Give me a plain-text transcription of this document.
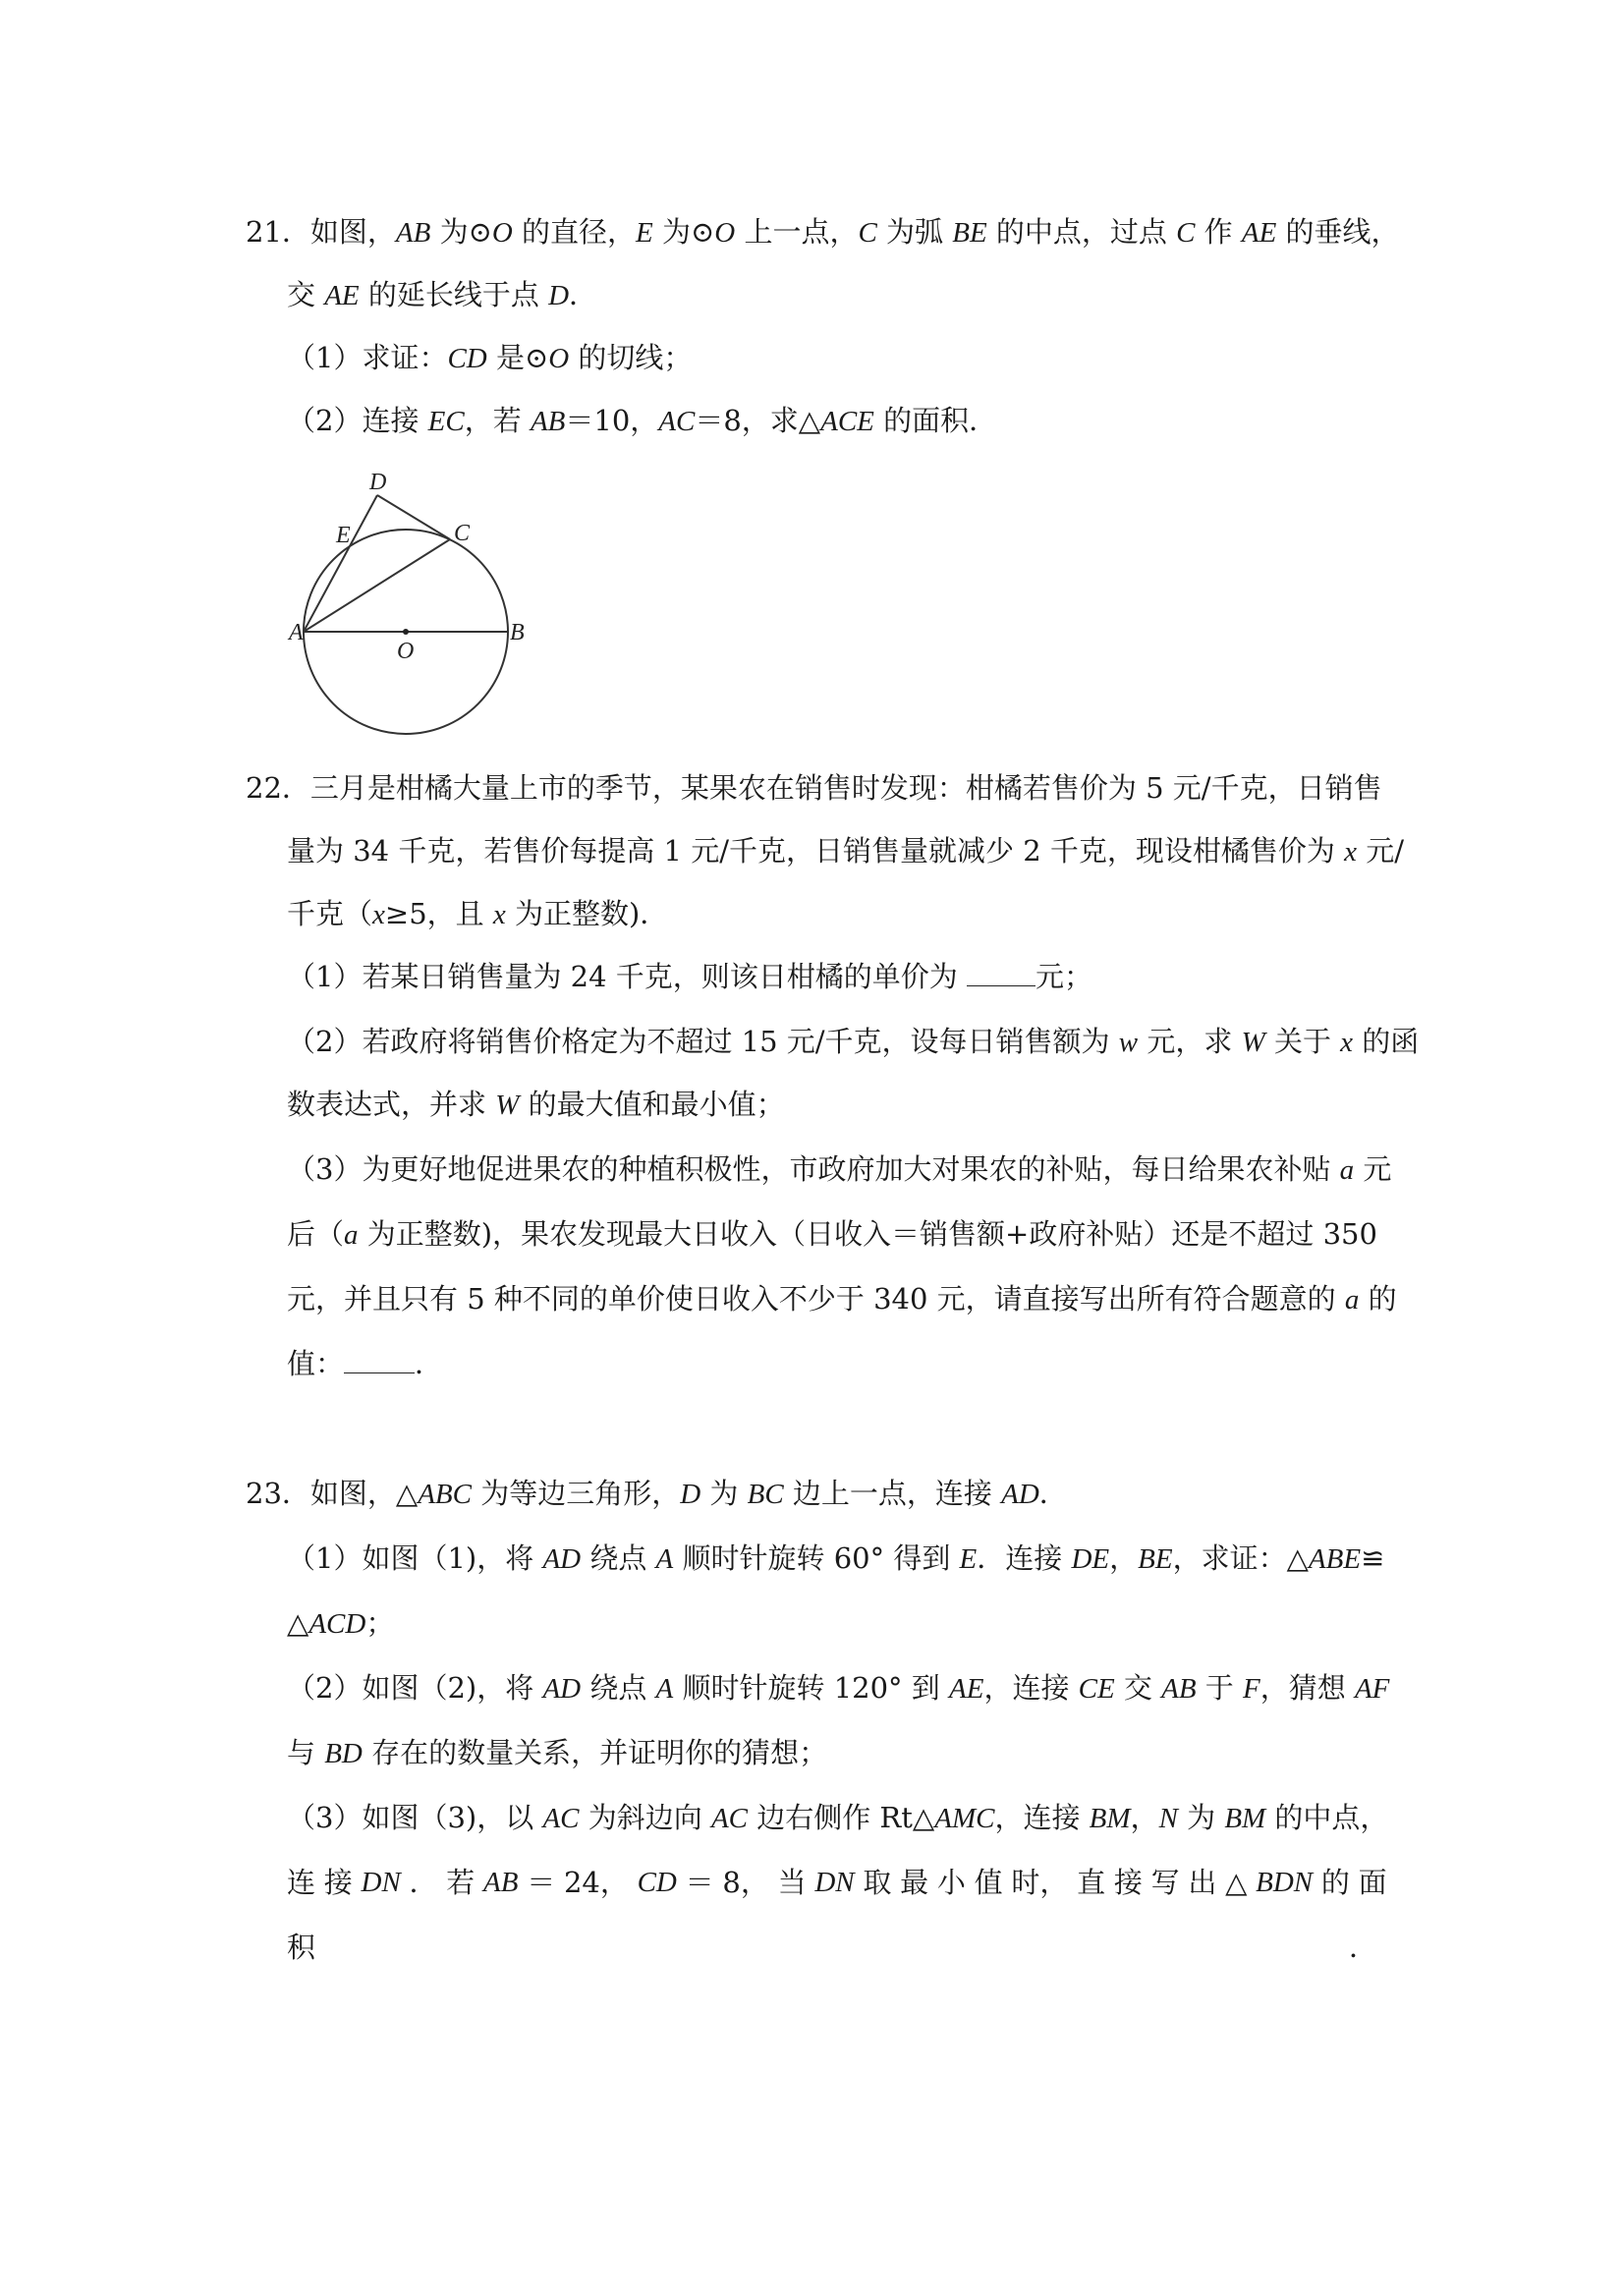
21．如图，AB 为⊙O 的直径，E 为⊙O 上一点，C 为弧 BE 的中点，过点 C 作 AE 的垂线，
交 AE 的延长线于点 D．
（1）求证：CD 是⊙O 的切线；
（2）连接 EC，若 AB＝10，AC＝8，求△ACE 的面积．
D
E	C
A
O
B
22．三月是柑橘大量上市的季节，某果农在销售时发现：柑橘若售价为 5 元/千克，日销售
量为 34 千克，若售价每提高 1 元/千克，日销售量就减少 2 千克，现设柑橘售价为 x 元/
千克（x≥5，且 x 为正整数)．
（1）若某日销售量为 24 千克，则该日柑橘的单价为 元；
（2）若政府将销售价格定为不超过 15 元/千克，设每日销售额为 w 元，求 W 关于 x 的函
数表达式，并求 W 的最大值和最小值；
（3）为更好地促进果农的种植积极性，市政府加大对果农的补贴，每日给果农补贴 a 元
后（a 为正整数)，果农发现最大日收入（日收入＝销售额+政府补贴）还是不超过 350
元，并且只有 5 种不同的单价使日收入不少于 340 元，请直接写出所有符合题意的 a 的
值： ．
23．如图，△ABC 为等边三角形，D 为 BC 边上一点，连接 AD．
（1）如图（1)，将 AD 绕点 A 顺时针旋转 60° 得到 E．连接 DE，BE，求证：△ABE≌
△ACD；
（2）如图（2)，将 AD 绕点 A 顺时针旋转 120° 到 AE，连接 CE 交 AB 于 F，猜想 AF
与 BD 存在的数量关系，并证明你的猜想；
（3）如图（3)，以 AC 为斜边向 AC 边右侧作 Rt△AMC，连接 BM，N 为 BM 的中点，
连 接 DN ． 若 AB ＝ 24， CD ＝ 8， 当 DN 取 最 小 值 时， 直 接 写 出 △ BDN 的 面
积	．
